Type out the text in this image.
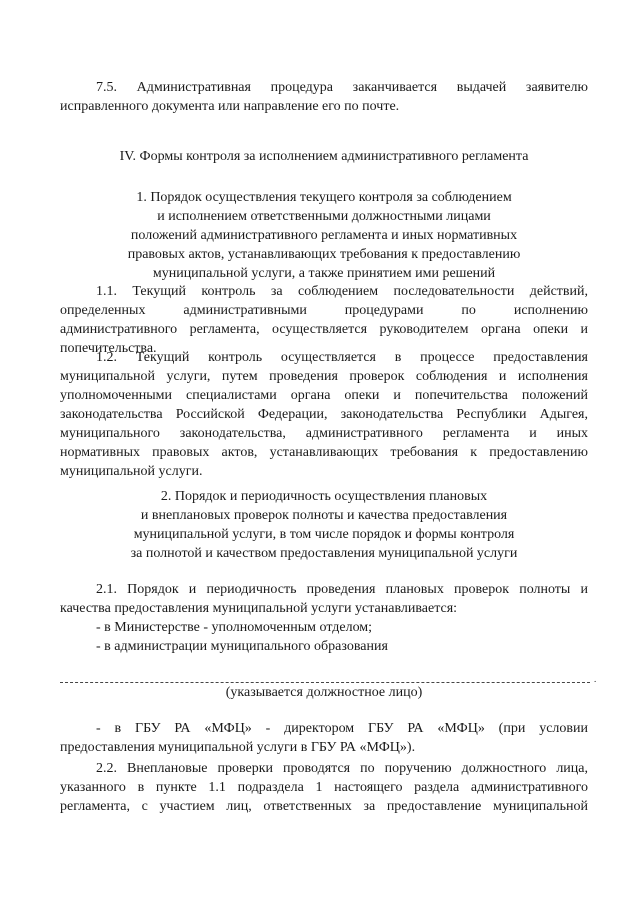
7.5. Административная процедура заканчивается выдачей заявителю
исправленного документа или направление его по почте.
IV. Формы контроля за исполнением административного регламента
1. Порядок осуществления текущего контроля за соблюдением
и исполнением ответственными должностными лицами
положений административного регламента и иных нормативных
правовых актов, устанавливающих требования к предоставлению
муниципальной услуги, а также принятием ими решений
1.1. Текущий контроль за соблюдением последовательности действий,
определенных административными процедурами по исполнению
административного регламента, осуществляется руководителем органа опеки и
попечительства.
1.2. Текущий контроль осуществляется в процессе предоставления
муниципальной услуги, путем проведения проверок соблюдения и исполнения
уполномоченными специалистами органа опеки и попечительства положений
законодательства Российской Федерации, законодательства Республики Адыгея,
муниципального законодательства, административного регламента и иных
нормативных правовых актов, устанавливающих требования к предоставлению
муниципальной услуги.
2. Порядок и периодичность осуществления плановых
и внеплановых проверок полноты и качества предоставления
муниципальной услуги, в том числе порядок и формы контроля
за полнотой и качеством предоставления муниципальной услуги
2.1. Порядок и периодичность проведения плановых проверок полноты и
качества предоставления муниципальной услуги устанавливается:
- в Министерстве - уполномоченным отделом;
- в администрации муниципального образования
.
(указывается должностное лицо)
- в ГБУ РА «МФЦ» - директором ГБУ РА «МФЦ» (при условии
предоставления муниципальной услуги в ГБУ РА «МФЦ»).
2.2. Внеплановые проверки проводятся по поручению должностного лица,
указанного в пункте 1.1 подраздела 1 настоящего раздела административного
регламента, с участием лиц, ответственных за предоставление муниципальной
